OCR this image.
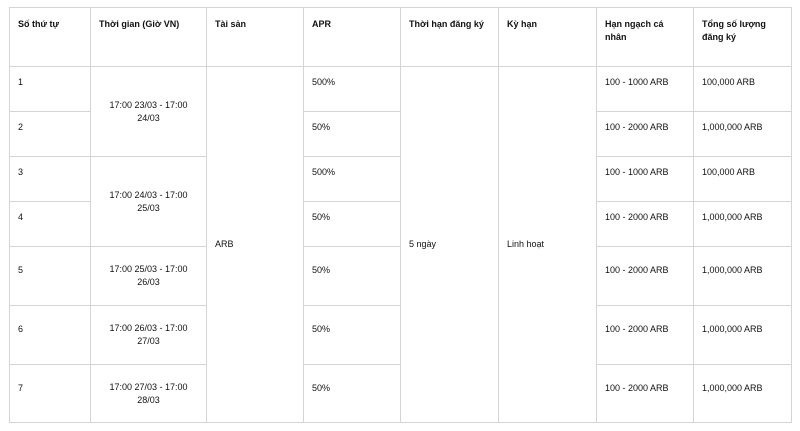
Số thứ tự	Thời gian (Giờ VN)	Tài sản	APR	Thời hạn đăng ký	Kỳ hạn	Hạn ngạch cá nhân	Tổng số lượng đăng ký
1	17:00 23/03 - 17:00 24/03	ARB	500%	5 ngày	Linh hoạt	100 - 1000 ARB	100,000 ARB
2			50%			100 - 2000 ARB	1,000,000 ARB
3	17:00 24/03 - 17:00 25/03		500%			100 - 1000 ARB	100,000 ARB
4			50%			100 - 2000 ARB	1,000,000 ARB
5	17:00 25/03 - 17:00 26/03		50%			100 - 2000 ARB	1,000,000 ARB
6	17:00 26/03 - 17:00 27/03		50%			100 - 2000 ARB	1,000,000 ARB
7	17:00 27/03 - 17:00 28/03		50%			100 - 2000 ARB	1,000,000 ARB
